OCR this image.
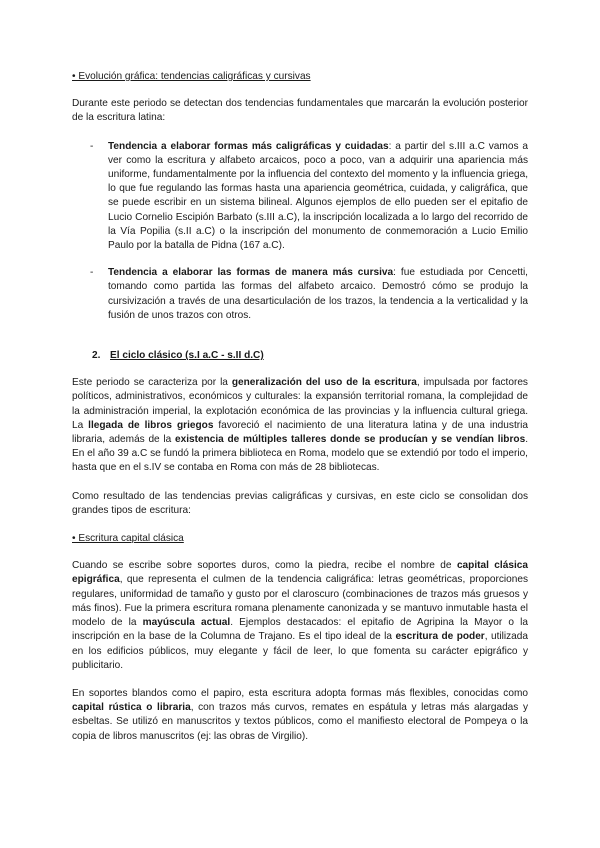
• Evolución gráfica: tendencias caligráficas y cursivas

Durante este periodo se detectan dos tendencias fundamentales que marcarán la evolución posterior de la escritura latina:

- Tendencia a elaborar formas más caligráficas y cuidadas: a partir del s.III a.C vamos a ver como la escritura y alfabeto arcaicos, poco a poco, van a adquirir una apariencia más uniforme, fundamentalmente por la influencia del contexto del momento y la influencia griega, lo que fue regulando las formas hasta una apariencia geométrica, cuidada, y caligráfica, que se puede escribir en un sistema bilineal. Algunos ejemplos de ello pueden ser el epitafio de Lucio Cornelio Escipión Barbato (s.III a.C), la inscripción localizada a lo largo del recorrido de la Vía Popilia (s.II a.C) o la inscripción del monumento de conmemoración a Lucio Emilio Paulo por la batalla de Pidna (167 a.C).

- Tendencia a elaborar las formas de manera más cursiva: fue estudiada por Cencetti, tomando como partida las formas del alfabeto arcaico. Demostró cómo se produjo la cursivización a través de una desarticulación de los trazos, la tendencia a la verticalidad y la fusión de unos trazos con otros.

2. El ciclo clásico (s.I a.C - s.II d.C)

Este periodo se caracteriza por la generalización del uso de la escritura, impulsada por factores políticos, administrativos, económicos y culturales: la expansión territorial romana, la complejidad de la administración imperial, la explotación económica de las provincias y la influencia cultural griega. La llegada de libros griegos favoreció el nacimiento de una literatura latina y de una industria libraria, además de la existencia de múltiples talleres donde se producían y se vendían libros. En el año 39 a.C se fundó la primera biblioteca en Roma, modelo que se extendió por todo el imperio, hasta que en el s.IV se contaba en Roma con más de 28 bibliotecas.

Como resultado de las tendencias previas caligráficas y cursivas, en este ciclo se consolidan dos grandes tipos de escritura:

• Escritura capital clásica

Cuando se escribe sobre soportes duros, como la piedra, recibe el nombre de capital clásica epigráfica, que representa el culmen de la tendencia caligráfica: letras geométricas, proporciones regulares, uniformidad de tamaño y gusto por el claroscuro (combinaciones de trazos más gruesos y más finos). Fue la primera escritura romana plenamente canonizada y se mantuvo inmutable hasta el modelo de la mayúscula actual. Ejemplos destacados: el epitafio de Agripina la Mayor o la inscripción en la base de la Columna de Trajano. Es el tipo ideal de la escritura de poder, utilizada en los edificios públicos, muy elegante y fácil de leer, lo que fomenta su carácter epigráfico y publicitario.

En soportes blandos como el papiro, esta escritura adopta formas más flexibles, conocidas como capital rústica o libraria, con trazos más curvos, remates en espátula y letras más alargadas y esbeltas. Se utilizó en manuscritos y textos públicos, como el manifiesto electoral de Pompeya o la copia de libros manuscritos (ej: las obras de Virgilio).
